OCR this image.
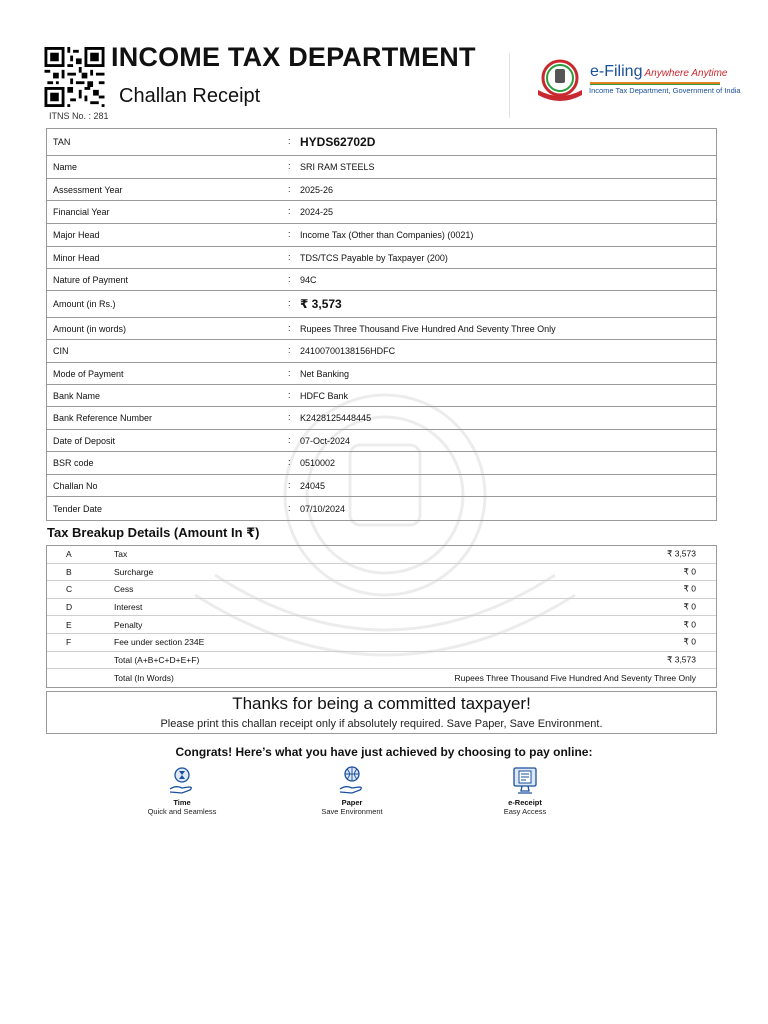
INCOME TAX DEPARTMENT
Challan Receipt
ITNS No. : 281
e-Filing Anywhere Anytime
Income Tax Department, Government of India
TAN	: HYDS62702D
Name	: SRI RAM STEELS
Assessment Year	: 2025-26
Financial Year	: 2024-25
Major Head	: Income Tax (Other than Companies) (0021)
Minor Head	: TDS/TCS Payable by Taxpayer (200)
Nature of Payment	: 94C
Amount (in Rs.)	: ₹ 3,573
Amount (in words)	: Rupees Three Thousand Five Hundred And Seventy Three Only
CIN	: 24100700138156HDFC
Mode of Payment	: Net Banking
Bank Name	: HDFC Bank
Bank Reference Number	: K2428125448445
Date of Deposit	: 07-Oct-2024
BSR code	: 0510002
Challan No	: 24045
Tender Date	: 07/10/2024
Tax Breakup Details (Amount In ₹)
A	Tax	₹ 3,573
B	Surcharge	₹ 0
C	Cess	₹ 0
D	Interest	₹ 0
E	Penalty	₹ 0
F	Fee under section 234E	₹ 0
Total (A+B+C+D+E+F)	₹ 3,573
Total (In Words)	Rupees Three Thousand Five Hundred And Seventy Three Only
Thanks for being a committed taxpayer!
Please print this challan receipt only if absolutely required. Save Paper, Save Environment.
Congrats! Here’s what you have just achieved by choosing to pay online:
Time
Quick and Seamless
Paper
Save Environment
e-Receipt
Easy Access
